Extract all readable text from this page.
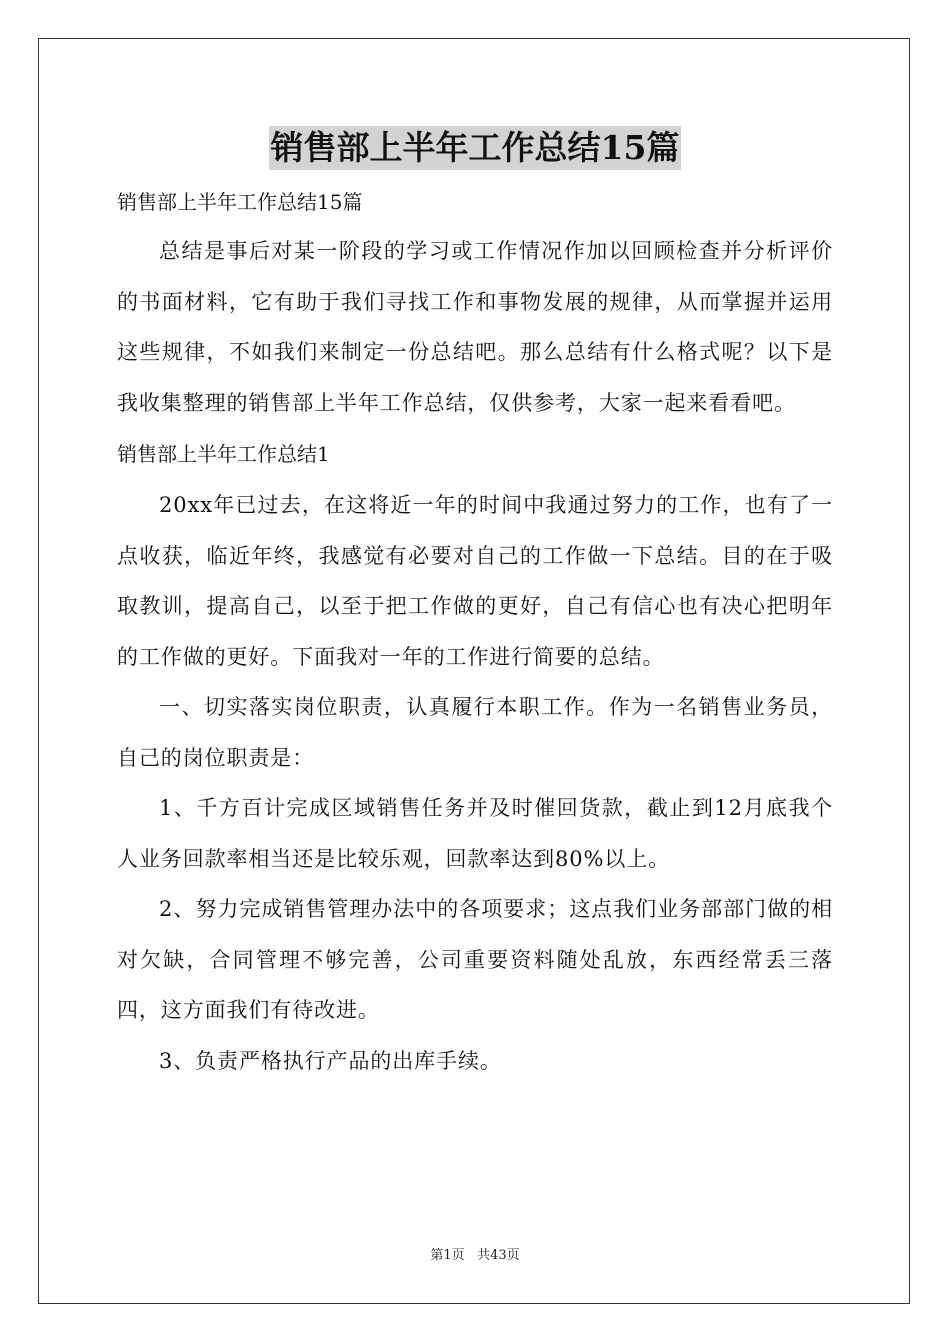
销售部上半年工作总结15篇

销售部上半年工作总结15篇

总结是事后对某一阶段的学习或工作情况作加以回顾检查并分析评价的书面材料，它有助于我们寻找工作和事物发展的规律，从而掌握并运用这些规律，不如我们来制定一份总结吧。那么总结有什么格式呢？以下是我收集整理的销售部上半年工作总结，仅供参考，大家一起来看看吧。

销售部上半年工作总结1

20xx年已过去，在这将近一年的时间中我通过努力的工作，也有了一点收获，临近年终，我感觉有必要对自己的工作做一下总结。目的在于吸取教训，提高自己，以至于把工作做的更好，自己有信心也有决心把明年的工作做的更好。下面我对一年的工作进行简要的总结。

一、切实落实岗位职责，认真履行本职工作。作为一名销售业务员，自己的岗位职责是：

1、千方百计完成区域销售任务并及时催回货款，截止到12月底我个人业务回款率相当还是比较乐观，回款率达到80%以上。

2、努力完成销售管理办法中的各项要求；这点我们业务部部门做的相对欠缺，合同管理不够完善，公司重要资料随处乱放，东西经常丢三落四，这方面我们有待改进。

3、负责严格执行产品的出库手续。

第1页 共43页
